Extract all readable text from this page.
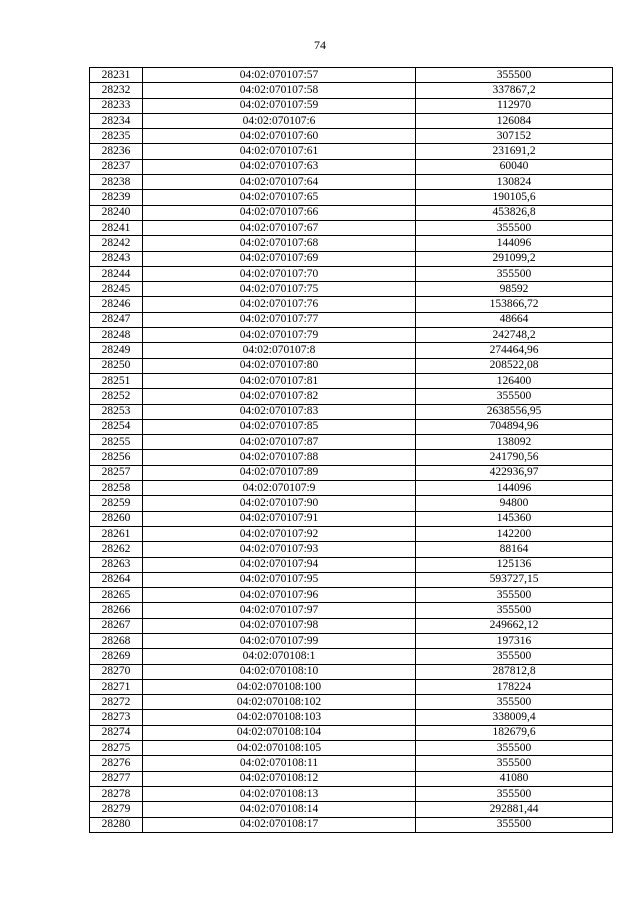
74
28231	04:02:070107:57	355500
28232	04:02:070107:58	337867,2
28233	04:02:070107:59	112970
28234	04:02:070107:6	126084
28235	04:02:070107:60	307152
28236	04:02:070107:61	231691,2
28237	04:02:070107:63	60040
28238	04:02:070107:64	130824
28239	04:02:070107:65	190105,6
28240	04:02:070107:66	453826,8
28241	04:02:070107:67	355500
28242	04:02:070107:68	144096
28243	04:02:070107:69	291099,2
28244	04:02:070107:70	355500
28245	04:02:070107:75	98592
28246	04:02:070107:76	153866,72
28247	04:02:070107:77	48664
28248	04:02:070107:79	242748,2
28249	04:02:070107:8	274464,96
28250	04:02:070107:80	208522,08
28251	04:02:070107:81	126400
28252	04:02:070107:82	355500
28253	04:02:070107:83	2638556,95
28254	04:02:070107:85	704894,96
28255	04:02:070107:87	138092
28256	04:02:070107:88	241790,56
28257	04:02:070107:89	422936,97
28258	04:02:070107:9	144096
28259	04:02:070107:90	94800
28260	04:02:070107:91	145360
28261	04:02:070107:92	142200
28262	04:02:070107:93	88164
28263	04:02:070107:94	125136
28264	04:02:070107:95	593727,15
28265	04:02:070107:96	355500
28266	04:02:070107:97	355500
28267	04:02:070107:98	249662,12
28268	04:02:070107:99	197316
28269	04:02:070108:1	355500
28270	04:02:070108:10	287812,8
28271	04:02:070108:100	178224
28272	04:02:070108:102	355500
28273	04:02:070108:103	338009,4
28274	04:02:070108:104	182679,6
28275	04:02:070108:105	355500
28276	04:02:070108:11	355500
28277	04:02:070108:12	41080
28278	04:02:070108:13	355500
28279	04:02:070108:14	292881,44
28280	04:02:070108:17	355500
